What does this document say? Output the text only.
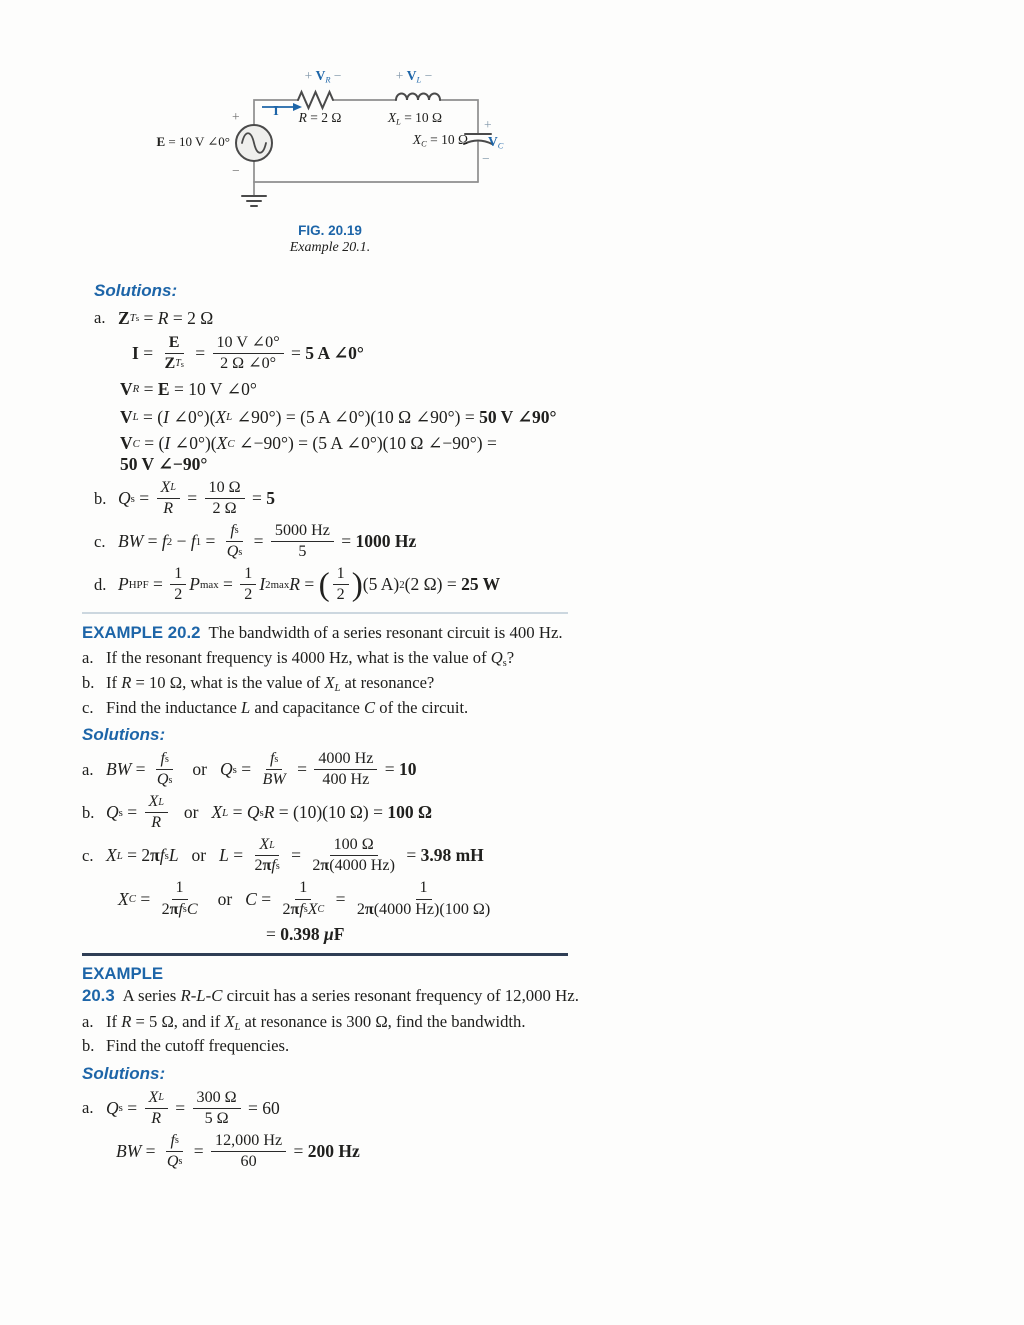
+ $V_R$ −	+ $V_L$ −
I
+
−
E = 10 V ∠0°
R = 2 Ω	$X_L = 10$ Ω
$X_C = 10$ Ω
+
$V_C$
−
FIG. 20.19
Example 20.1.
Solutions:
a. Z T s = R = 2 Ω
$I = \frac{E}{\text{Z T s}} = \frac{10 V \angle 0^\circ}{2 \Omega \angle 0^\circ} = 5$ A ∠0°
V R = E = 10 V ∠0°
V L = ( I ∠0°)( X L ∠90°) = (5 A ∠0°)(10 Ω ∠90°) = 50 V ∠90°
V C = ( I ∠0°)( X C ∠−90°) = (5 A ∠0°)(10 Ω ∠−90°) =
50 V ∠−90°
b. Q $s = \frac{\text{X L}}{R} = \frac{10 \Omega}{2 \Omega} = 5$
c. BW = f 2 − f $1 = \frac{\text{f s}}{\text{Q s}} = \frac{5000 Hz}{5} = 1000$ Hz
d. P HPF = $\frac{1}{2}$ P $\max = \frac{1}{2}$ I 2 max R = ( $\frac{1}{2}$ ) (5 A) 2 (2 Ω) = 25 W
EXAMPLE 20.2 The bandwidth of a series resonant circuit is 400 Hz.
a. If the resonant frequency is 4000 Hz, what is the value of $Q_s$?
b. If R = 10 Ω, what is the value of $X_L$ at resonance?
c. Find the inductance L and capacitance C of the circuit.
Solutions:
a. BW = $\frac{\text{f s}}{\text{Q s}}$ or Q $s = \frac{\text{f s}}{BW} = \frac{4000 Hz}{400 Hz} = 10$
b. Q $s = \frac{\text{X L}}{R}$ or X L = Q s R = (10)(10 Ω) = 100 Ω
c. X L = 2 π f s L or $L = \frac{\text{X L}}{\text{2 π f s}} = \frac{100 \Omega}{2 \pi (4000 Hz)} = 3.98$ mH
X $C = \frac{1}{\text{2 π f s C}}$ or $C = \frac{1}{\text{2 π f s X C}} = \frac{1}{2 \pi (4000 Hz)(100 \Omega)}$
= 0.398 μ F
EXAMPLE 20.3 A series R-L-C circuit has a series resonant frequency of 12,000 Hz.
a. If R = 5 Ω, and if $X_L$ at resonance is 300 Ω, find the bandwidth.
b. Find the cutoff frequencies.
Solutions:
a. Q $s = \frac{\text{X L}}{R} = \frac{300 \Omega}{5 \Omega} = 60$
BW = $\frac{\text{f s}}{\text{Q s}} = \frac{12,000 Hz}{60} = 200$ Hz
